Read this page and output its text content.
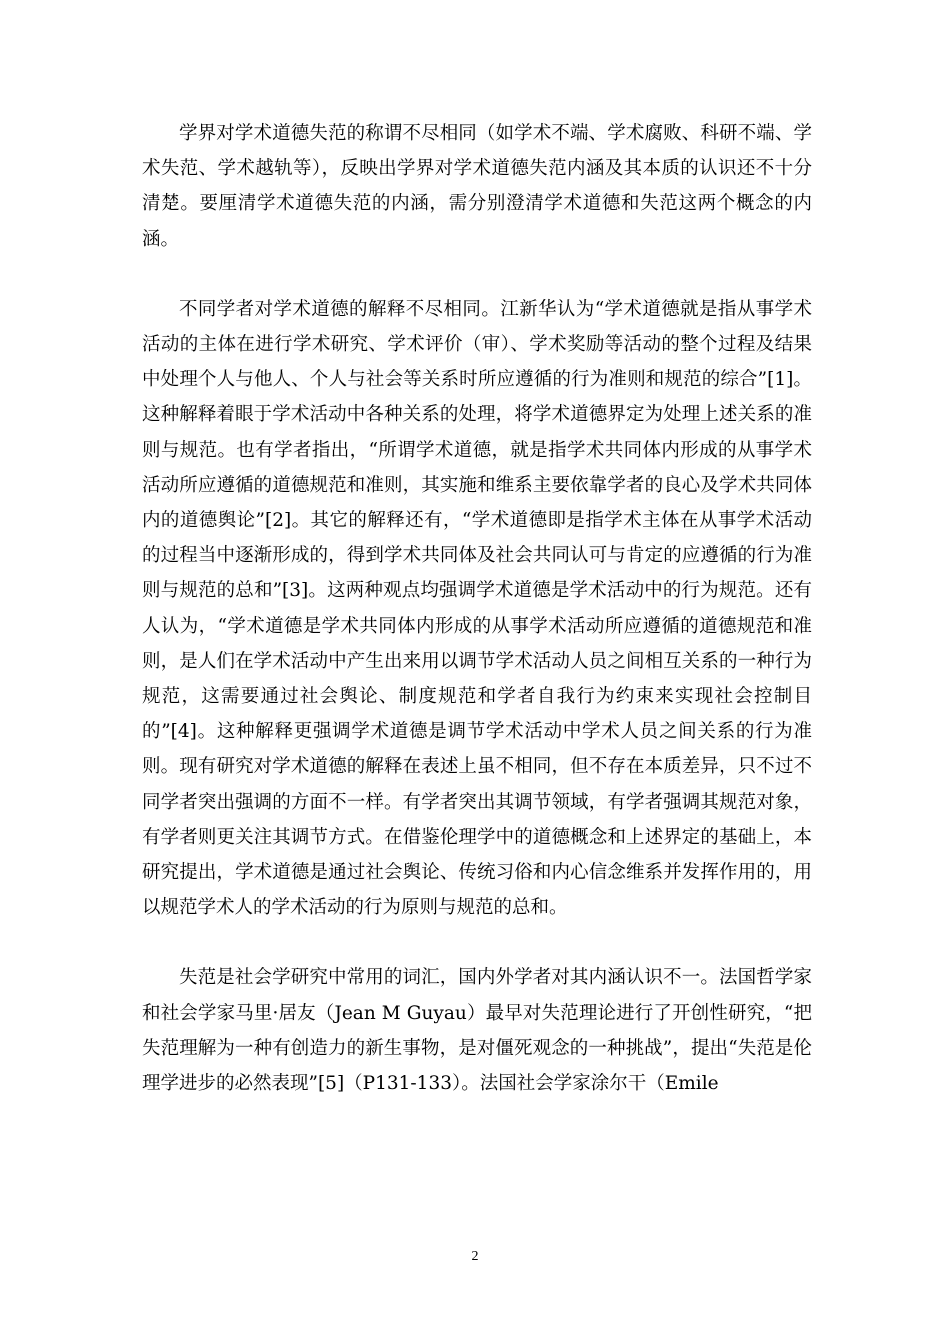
学界对学术道德失范的称谓不尽相同（如学术不端、学术腐败、科研不端、学术失范、学术越轨等），反映出学界对学术道德失范内涵及其本质的认识还不十分清楚。要厘清学术道德失范的内涵，需分别澄清学术道德和失范这两个概念的内涵。

不同学者对学术道德的解释不尽相同。江新华认为“学术道德就是指从事学术活动的主体在进行学术研究、学术评价（审）、学术奖励等活动的整个过程及结果中处理个人与他人、个人与社会等关系时所应遵循的行为准则和规范的综合”[1]。这种解释着眼于学术活动中各种关系的处理，将学术道德界定为处理上述关系的准则与规范。也有学者指出，“所谓学术道德，就是指学术共同体内形成的从事学术活动所应遵循的道德规范和准则，其实施和维系主要依靠学者的良心及学术共同体内的道德舆论”[2]。其它的解释还有，“学术道德即是指学术主体在从事学术活动的过程当中逐渐形成的，得到学术共同体及社会共同认可与肯定的应遵循的行为准则与规范的总和”[3]。这两种观点均强调学术道德是学术活动中的行为规范。还有人认为，“学术道德是学术共同体内形成的从事学术活动所应遵循的道德规范和准则，是人们在学术活动中产生出来用以调节学术活动人员之间相互关系的一种行为规范，这需要通过社会舆论、制度规范和学者自我行为约束来实现社会控制目的”[4]。这种解释更强调学术道德是调节学术活动中学术人员之间关系的行为准则。现有研究对学术道德的解释在表述上虽不相同，但不存在本质差异，只不过不同学者突出强调的方面不一样。有学者突出其调节领域，有学者强调其规范对象，有学者则更关注其调节方式。在借鉴伦理学中的道德概念和上述界定的基础上，本研究提出，学术道德是通过社会舆论、传统习俗和内心信念维系并发挥作用的，用以规范学术人的学术活动的行为原则与规范的总和。

失范是社会学研究中常用的词汇，国内外学者对其内涵认识不一。法国哲学家和社会学家马里·居友（Jean M Guyau）最早对失范理论进行了开创性研究，“把失范理解为一种有创造力的新生事物，是对僵死观念的一种挑战”，提出“失范是伦理学进步的必然表现”[5]（P131-133）。法国社会学家涂尔干（Emile

2
